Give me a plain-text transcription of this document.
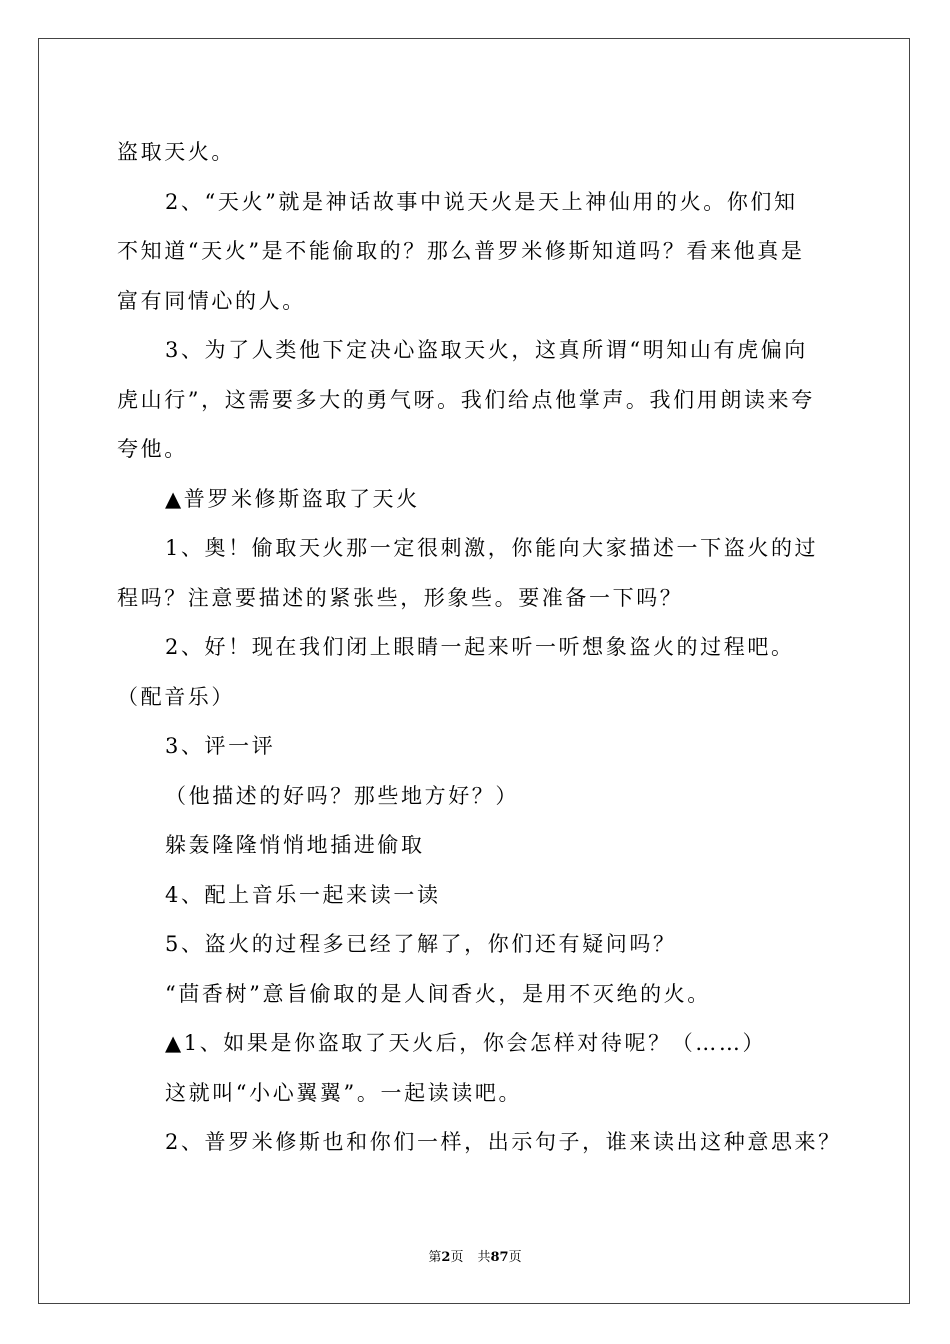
盗取天火。
2、“天火”就是神话故事中说天火是天上神仙用的火。你们知
不知道“天火”是不能偷取的？那么普罗米修斯知道吗？看来他真是
富有同情心的人。
3、为了人类他下定决心盗取天火，这真所谓“明知山有虎偏向
虎山行”，这需要多大的勇气呀。我们给点他掌声。我们用朗读来夸
夸他。
▲普罗米修斯盗取了天火
1、奥！偷取天火那一定很刺激，你能向大家描述一下盗火的过
程吗？注意要描述的紧张些，形象些。要准备一下吗？
2、好！现在我们闭上眼睛一起来听一听想象盗火的过程吧。
（配音乐）
3、评一评
（他描述的好吗？那些地方好？）
躲轰隆隆悄悄地插进偷取
4、配上音乐一起来读一读
5、盗火的过程多已经了解了，你们还有疑问吗？
“茴香树”意旨偷取的是人间香火，是用不灭绝的火。
▲1、如果是你盗取了天火后，你会怎样对待呢？（……）
这就叫“小心翼翼”。一起读读吧。
2、普罗米修斯也和你们一样，出示句子，谁来读出这种意思来？
第2页 共87页
